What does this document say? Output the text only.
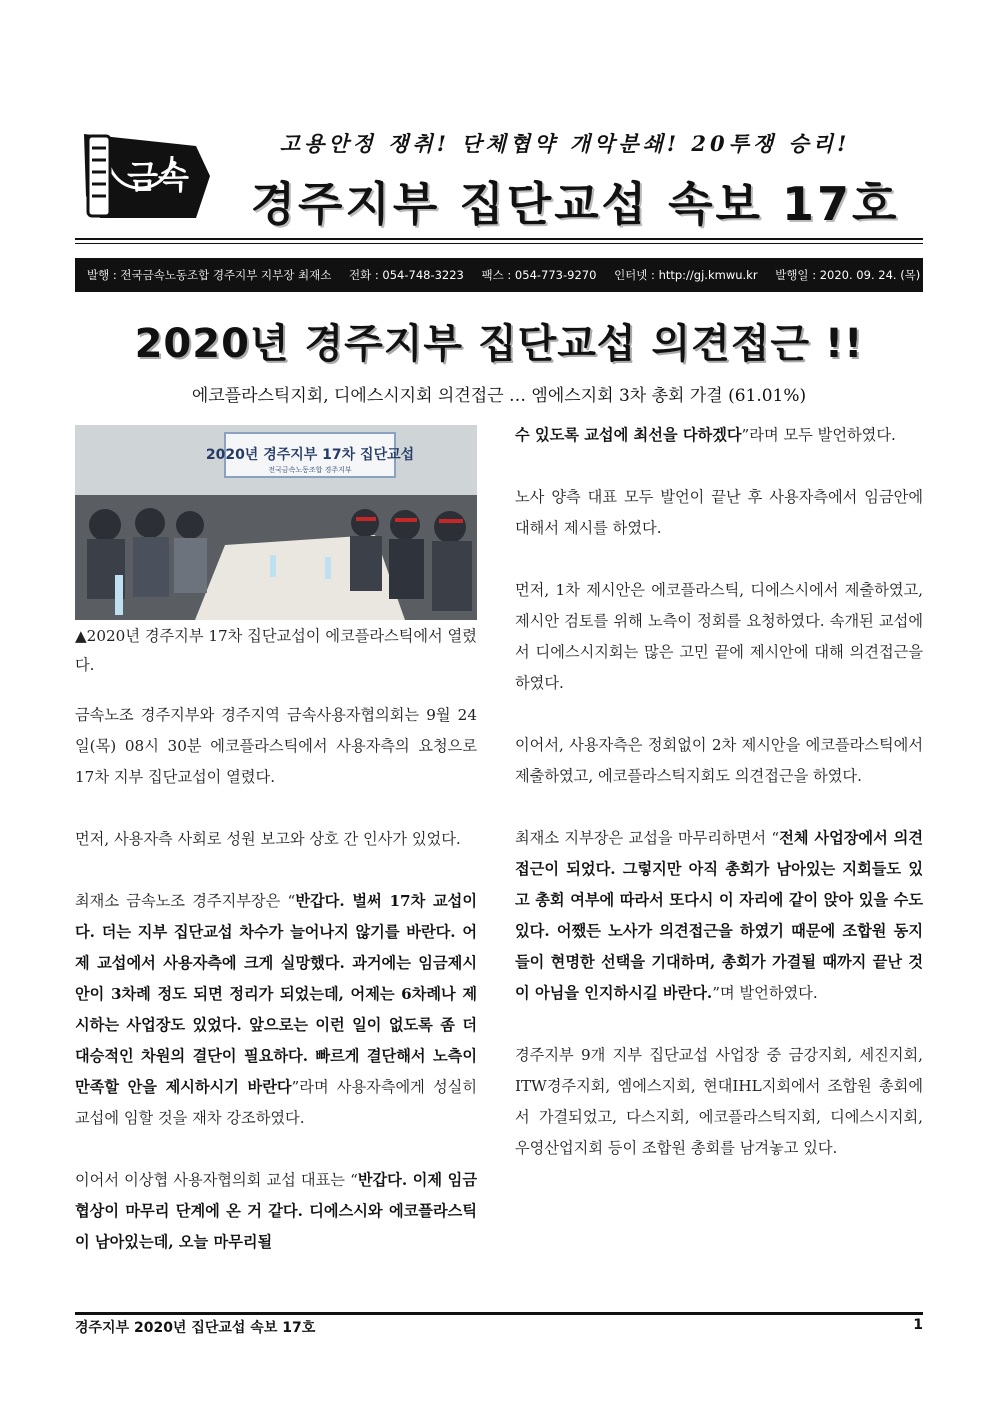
금속
고용안정 쟁취! 단체협약 개악분쇄! 20투쟁 승리!
경주지부 집단교섭 속보 17호
발행 : 전국금속노동조합 경주지부 지부장 최재소 전화 : 054-748-3223 팩스 : 054-773-9270 인터넷 : http://gj.kmwu.kr 발행일 : 2020. 09. 24. (목)
2020년 경주지부 집단교섭 의견접근 !!
에코플라스틱지회, 디에스시지회 의견접근 … 엠에스지회 3차 총회 가결 (61.01%)
2020년 경주지부 17차 집단교섭
전국금속노동조합 경주지부
▲2020년 경주지부 17차 집단교섭이 에코플라스틱에서 열렸다.

금속노조 경주지부와 경주지역 금속사용자협의회는 9월 24일(목) 08시 30분 에코플라스틱에서 사용자측의 요청으로 17차 지부 집단교섭이 열렸다.

먼저, 사용자측 사회로 성원 보고와 상호 간 인사가 있었다.

최재소 금속노조 경주지부장은 “반갑다. 벌써 17차 교섭이다. 더는 지부 집단교섭 차수가 늘어나지 않기를 바란다. 어제 교섭에서 사용자측에 크게 실망했다. 과거에는 임금제시 안이 3차례 정도 되면 정리가 되었는데, 어제는 6차례나 제시하는 사업장도 있었다. 앞으로는 이런 일이 없도록 좀 더 대승적인 차원의 결단이 필요하다. 빠르게 결단해서 노측이 만족할 안을 제시하시기 바란다”라며 사용자측에게 성실히 교섭에 임할 것을 재차 강조하였다.

이어서 이상협 사용자협의회 교섭 대표는 “반갑다. 이제 임금협상이 마무리 단계에 온 거 같다. 디에스시와 에코플라스틱이 남아있는데, 오늘 마무리될

수 있도록 교섭에 최선을 다하겠다”라며 모두 발언하였다.

노사 양측 대표 모두 발언이 끝난 후 사용자측에서 임금안에 대해서 제시를 하였다.

먼저, 1차 제시안은 에코플라스틱, 디에스시에서 제출하였고, 제시안 검토를 위해 노측이 정회를 요청하였다. 속개된 교섭에서 디에스시지회는 많은 고민 끝에 제시안에 대해 의견접근을 하였다.

이어서, 사용자측은 정회없이 2차 제시안을 에코플라스틱에서 제출하였고, 에코플라스틱지회도 의견접근을 하였다.

최재소 지부장은 교섭을 마무리하면서 “전체 사업장에서 의견접근이 되었다. 그렇지만 아직 총회가 남아있는 지회들도 있고 총회 여부에 따라서 또다시 이 자리에 같이 앉아 있을 수도 있다. 어쨌든 노사가 의견접근을 하였기 때문에 조합원 동지들이 현명한 선택을 기대하며, 총회가 가결될 때까지 끝난 것이 아님을 인지하시길 바란다.”며 발언하였다.

경주지부 9개 지부 집단교섭 사업장 중 금강지회, 세진지회, ITW경주지회, 엠에스지회, 현대IHL지회에서 조합원 총회에서 가결되었고, 다스지회, 에코플라스틱지회, 디에스시지회, 우영산업지회 등이 조합원 총회를 남겨놓고 있다.

경주지부 2020년 집단교섭 속보 17호	1
